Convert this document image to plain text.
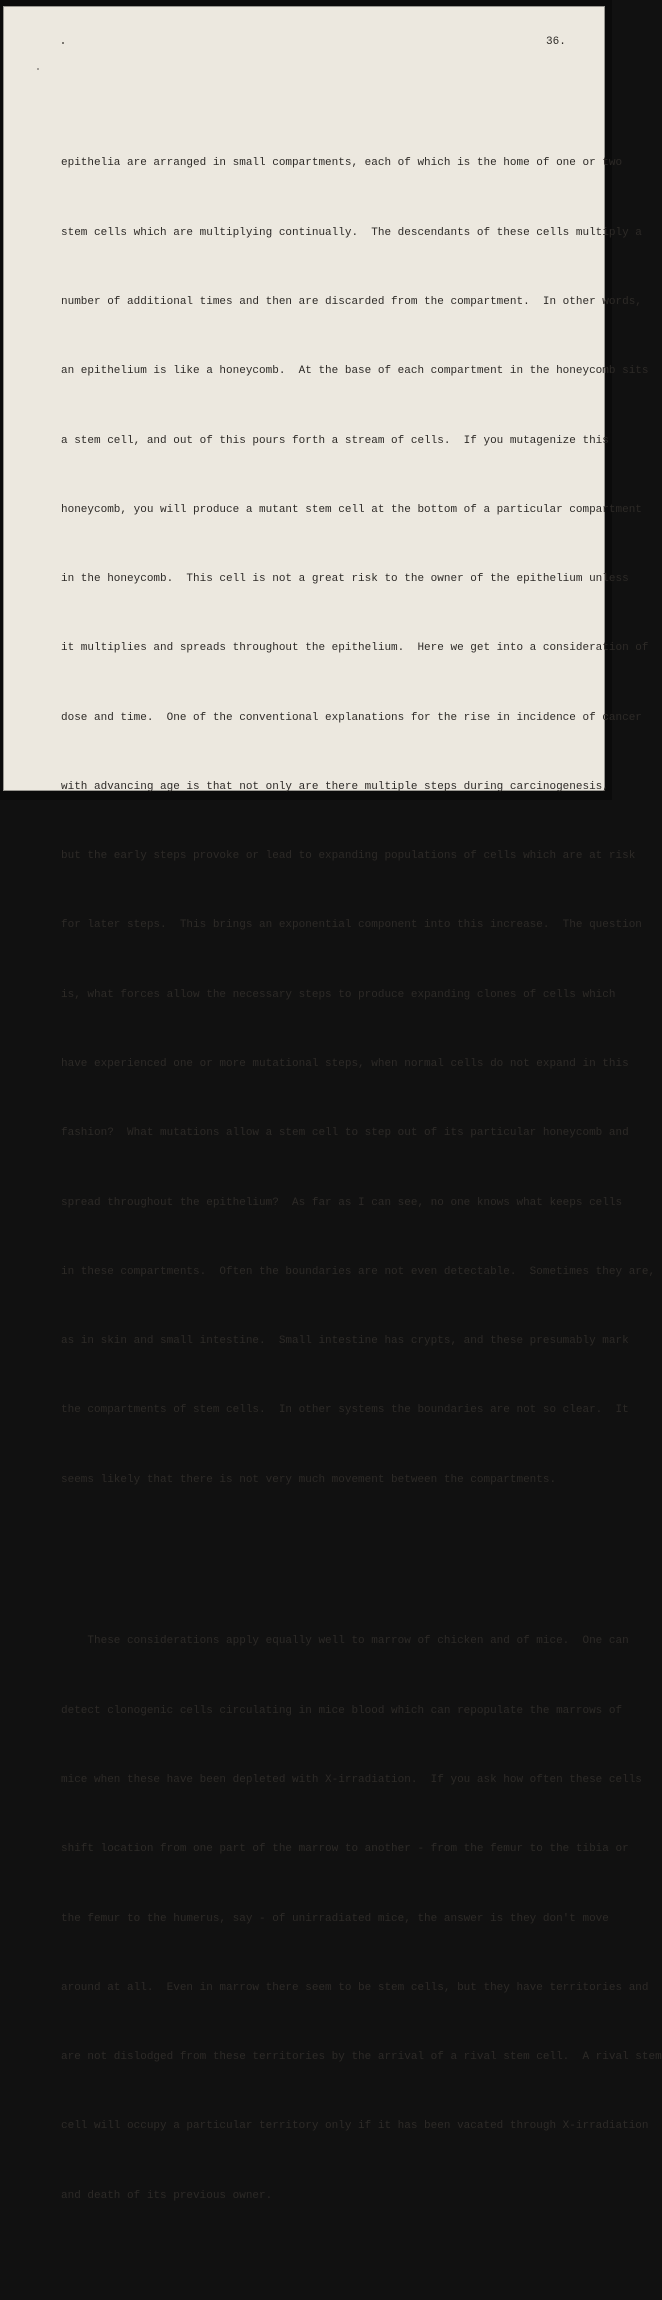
36.

epithelia are arranged in small compartments, each of which is the home of one or two

stem cells which are multiplying continually.  The descendants of these cells multiply a

number of additional times and then are discarded from the compartment.  In other words,

an epithelium is like a honeycomb.  At the base of each compartment in the honeycomb sits

a stem cell, and out of this pours forth a stream of cells.  If you mutagenize this

honeycomb, you will produce a mutant stem cell at the bottom of a particular compartment

in the honeycomb.  This cell is not a great risk to the owner of the epithelium unless

it multiplies and spreads throughout the epithelium.  Here we get into a consideration of

dose and time.  One of the conventional explanations for the rise in incidence of cancer

with advancing age is that not only are there multiple steps during carcinogenesis,

but the early steps provoke or lead to expanding populations of cells which are at risk

for later steps.  This brings an exponential component into this increase.  The question

is, what forces allow the necessary steps to produce expanding clones of cells which

have experienced one or more mutational steps, when normal cells do not expand in this

fashion?  What mutations allow a stem cell to step out of its particular honeycomb and

spread throughout the epithelium?  As far as I can see, no one knows what keeps cells

in these compartments.  Often the boundaries are not even detectable.  Sometimes they are,

as in skin and small intestine.  Small intestine has crypts, and these presumably mark

the compartments of stem cells.  In other systems the boundaries are not so clear.  It

seems likely that there is not very much movement between the compartments.

These considerations apply equally well to marrow of chicken and of mice.  One can

detect clonogenic cells circulating in mice blood which can repopulate the marrows of

mice when these have been depleted with X-irradiation.  If you ask how often these cells

shift location from one part of the marrow to another - from the femur to the tibia or

the femur to the humerus, say - of unirradiated mice, the answer is they don't move

around at all.  Even in marrow there seem to be stem cells, but they have territories and

are not dislodged from these territories by the arrival of a rival stem cell.  A rival stem

cell will occupy a particular territory only if it has been vacated through X-irradiation

and death of its previous owner.
